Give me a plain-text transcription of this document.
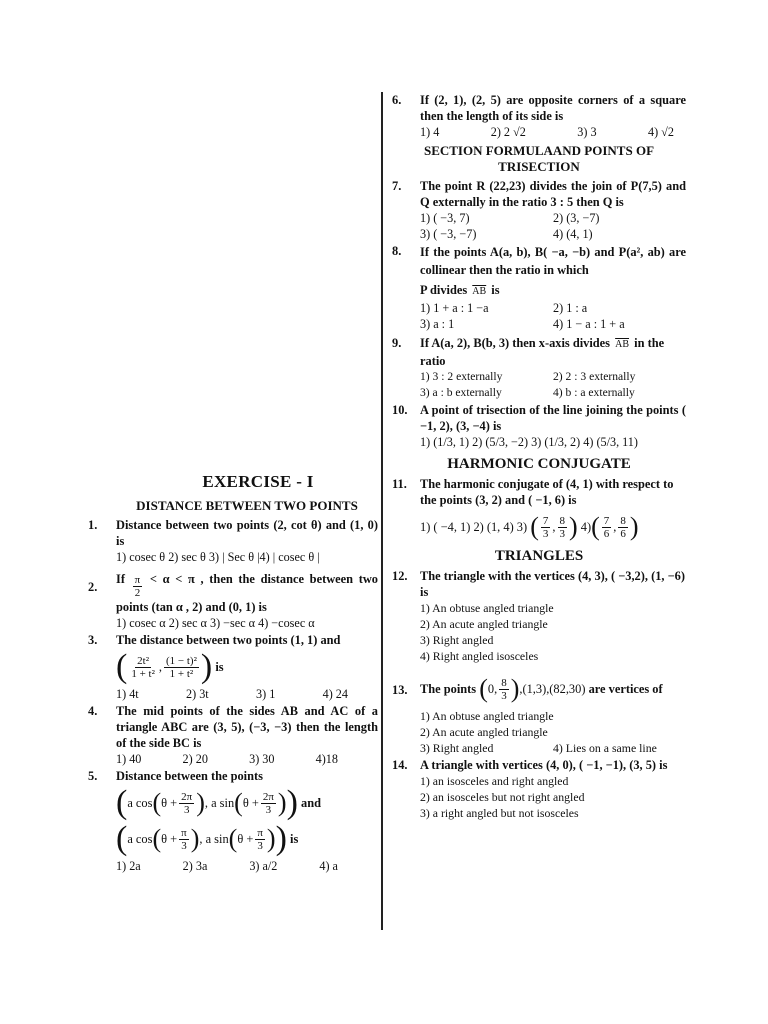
6.	If (2, 1), (2, 5) are opposite corners of a square then the length of its side is
1) 4	2) 2 √2	3) 3	4) √2
SECTION FORMULAAND POINTS OF TRISECTION
7.	The point R (22,23) divides the join of P(7,5) and Q externally in the ratio 3 : 5 then Q is
1) ( −3, 7)	2) (3, −7)
3) ( −3, −7)	4) (4, 1)
8.	If the points A(a, b), B( −a, −b) and P(a², ab) are collinear then the ratio in which
P divides $\overline{AB}$ is
1) 1 + a : 1 −a	2) 1 : a
3) a : 1	4) 1 − a : 1 + a
9.	If A(a, 2), B(b, 3) then x-axis divides $\overline{AB}$ in the ratio
1) 3 : 2 externally	2) 2 : 3 externally
3) a : b externally	4) b : a externally
10.	A point of trisection of the line joining the points ( −1, 2), (3, −4) is
1) (1/3, 1) 2) (5/3, −2) 3) (1/3, 2) 4) (5/3, 11)
HARMONIC CONJUGATE
11.	The harmonic conjugate of (4, 1) with respect to the points (3, 2) and ( −1, 6) is
1) ( −4, 1) 2) (1, 4) 3)
( $\frac{7}{3}$ , $\frac{8}{3}$ )
4) ( $\frac{7}{6}$ , $\frac{8}{6}$ )
TRIANGLES
12.	The triangle with the vertices (4, 3), ( −3,2), (1, −6) is
1) An obtuse angled triangle
2) An acute angled triangle
3) Right angled
4) Right angled isosceles
13.	The points
( 0, $\frac{8}{3}$ ) ,(1,3),(82,30)
are vertices of
1) An obtuse angled triangle
2) An acute angled triangle
3) Right angled	4) Lies on a same line
14.	A triangle with vertices (4, 0), ( −1, −1), (3, 5) is
1) an isosceles and right angled
2) an isosceles but not right angled
3) a right angled but not isosceles
EXERCISE - I
DISTANCE BETWEEN TWO POINTS
1.	Distance between two points (2, cot θ) and (1, 0) is
1) cosec θ 2) sec θ 3) | Sec θ |4) | cosec θ |
2.
If $\frac{\pi}{2} < \alpha < \pi$ , then the distance between two points (tan α , 2) and (0, 1) is
1) cosec α 2) sec α 3) −sec α 4) −cosec α
3.	The distance between two points (1, 1) and
( $\frac{\text{2t²}}{\text{1 + t²}}$ , $\frac{\text{(1 − t)²}}{\text{1 + t²}}$ )
is
1) 4t	2) 3t	3) 1	4) 24
4.	The mid points of the sides AB and AC of a triangle ABC are (3, 5), (−3, −3) then the length of the side BC is
1) 40	2) 20	3) 30	4)18
5.	Distance between the points
( a cos ( $\theta + \frac{2\pi}{3}$ ) , a sin ( $\theta + \frac{2\pi}{3}$ ) )
and
( a cos ( $\theta + \frac{\pi}{3}$ ) , a sin ( $\theta + \frac{\pi}{3}$ ) )
is
1) 2a	2) 3a	3) a/2	4) a
